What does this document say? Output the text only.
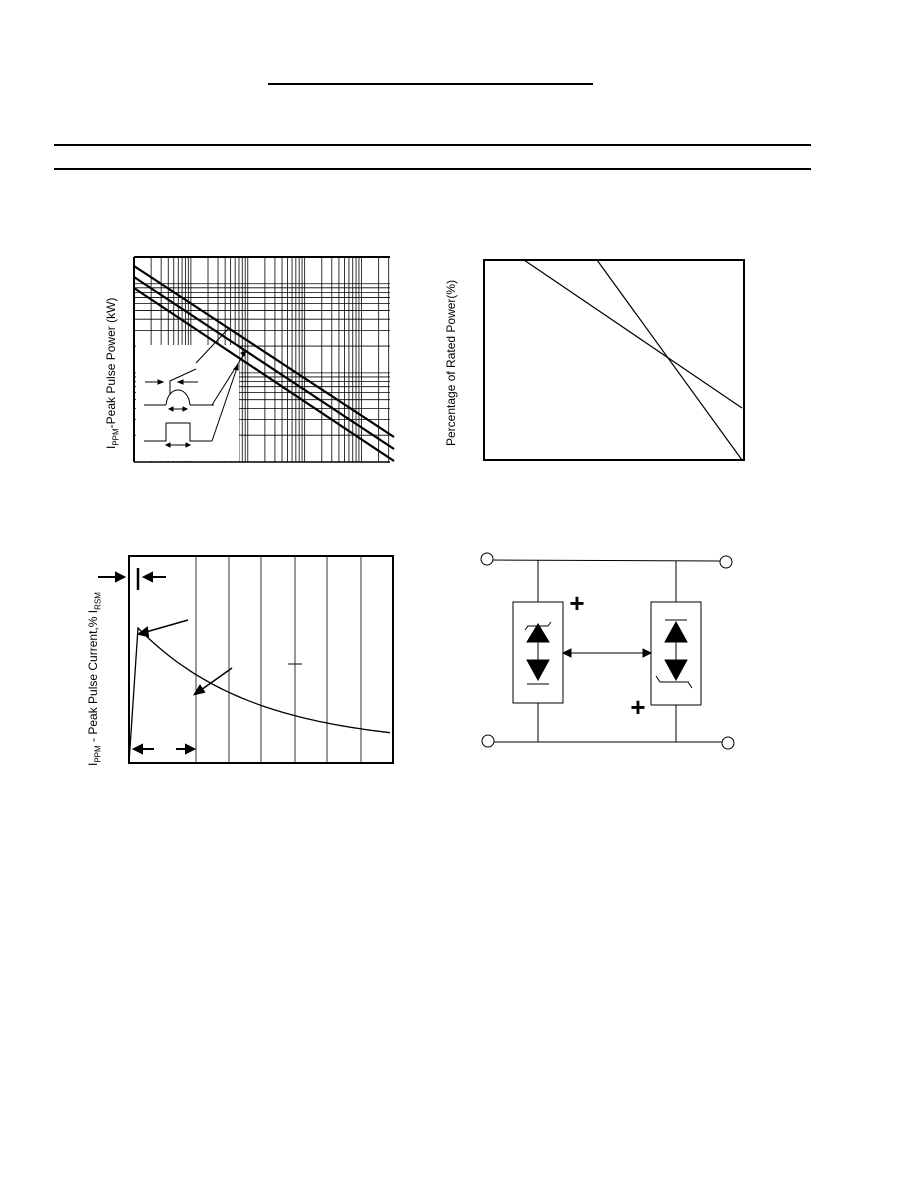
$I_{PPM}$-Peak Pulse Power (kW)	Percentage of Rated Power(%)
$I_{PPM}$ - Peak Pulse Current,% $I_{RSM}$	+
+
